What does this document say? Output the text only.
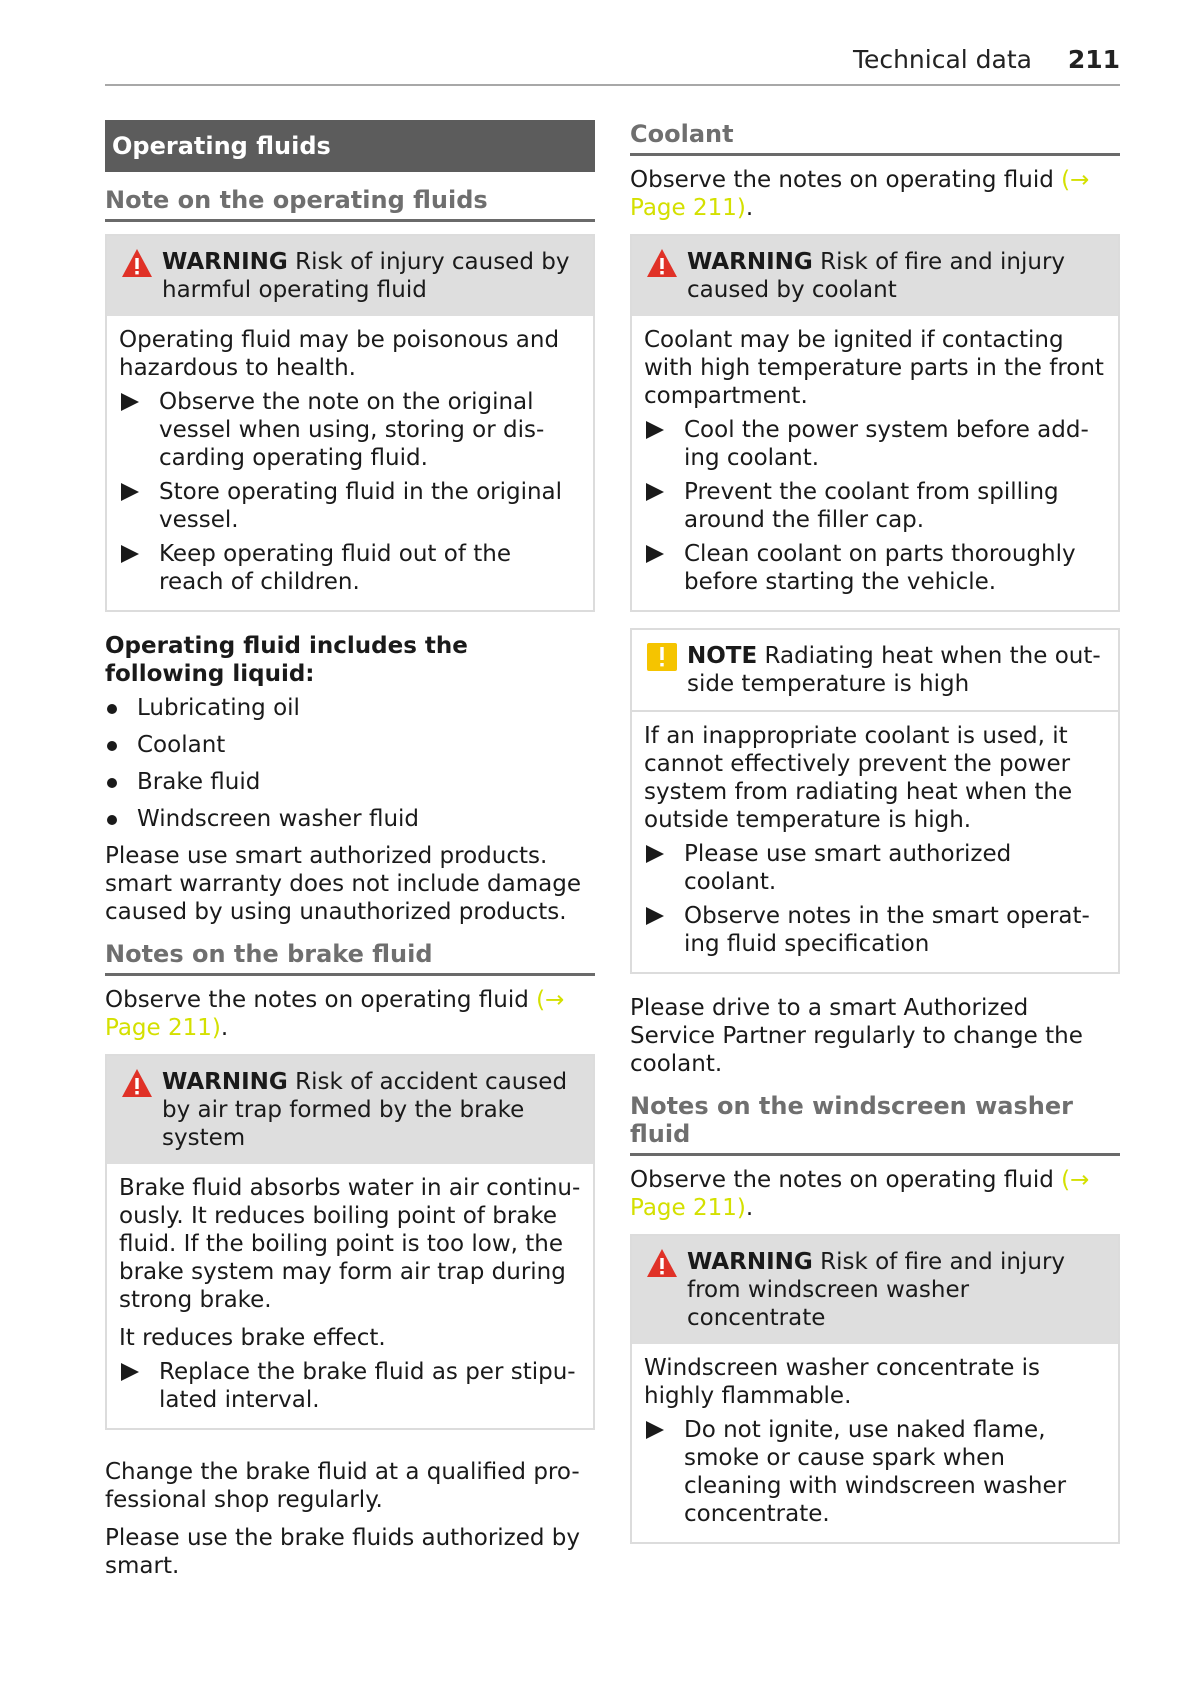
Technical data 211
Operating fluids
Note on the operating fluids
WARNING Risk of injury caused by harmful operating fluid

Operating fluid may be poisonous and hazardous to health.

Observe the note on the original vessel when using, storing or dis-carding operating fluid.
Store operating fluid in the original vessel.
Keep operating fluid out of the reach of children.

Operating fluid includes the following liquid:

Lubricating oil
Coolant
Brake fluid
Windscreen washer fluid

Please use smart authorized products. smart warranty does not include damage caused by using unauthorized products.

Notes on the brake fluid

Observe the notes on operating fluid (→ Page 211).

WARNING Risk of accident caused by air trap formed by the brake system

Brake fluid absorbs water in air continu-ously. It reduces boiling point of brake fluid. If the boiling point is too low, the brake system may form air trap during strong brake.

It reduces brake effect.

Replace the brake fluid as per stipu-lated interval.

Change the brake fluid at a qualified pro-fessional shop regularly.

Please use the brake fluids authorized by smart.

Coolant

Observe the notes on operating fluid (→ Page 211).

WARNING Risk of fire and injury caused by coolant

Coolant may be ignited if contacting with high temperature parts in the front compartment.

Cool the power system before add-ing coolant.
Prevent the coolant from spilling around the filler cap.
Clean coolant on parts thoroughly before starting the vehicle.
NOTE Radiating heat when the out-side temperature is high

If an inappropriate coolant is used, it cannot effectively prevent the power system from radiating heat when the outside temperature is high.

Please use smart authorized coolant.
Observe notes in the smart operat-ing fluid specification

Please drive to a smart Authorized Service Partner regularly to change the coolant.

Notes on the windscreen washer fluid

Observe the notes on operating fluid (→ Page 211).

WARNING Risk of fire and injury from windscreen washer concentrate

Windscreen washer concentrate is highly flammable.

Do not ignite, use naked flame, smoke or cause spark when cleaning with windscreen washer concentrate.
